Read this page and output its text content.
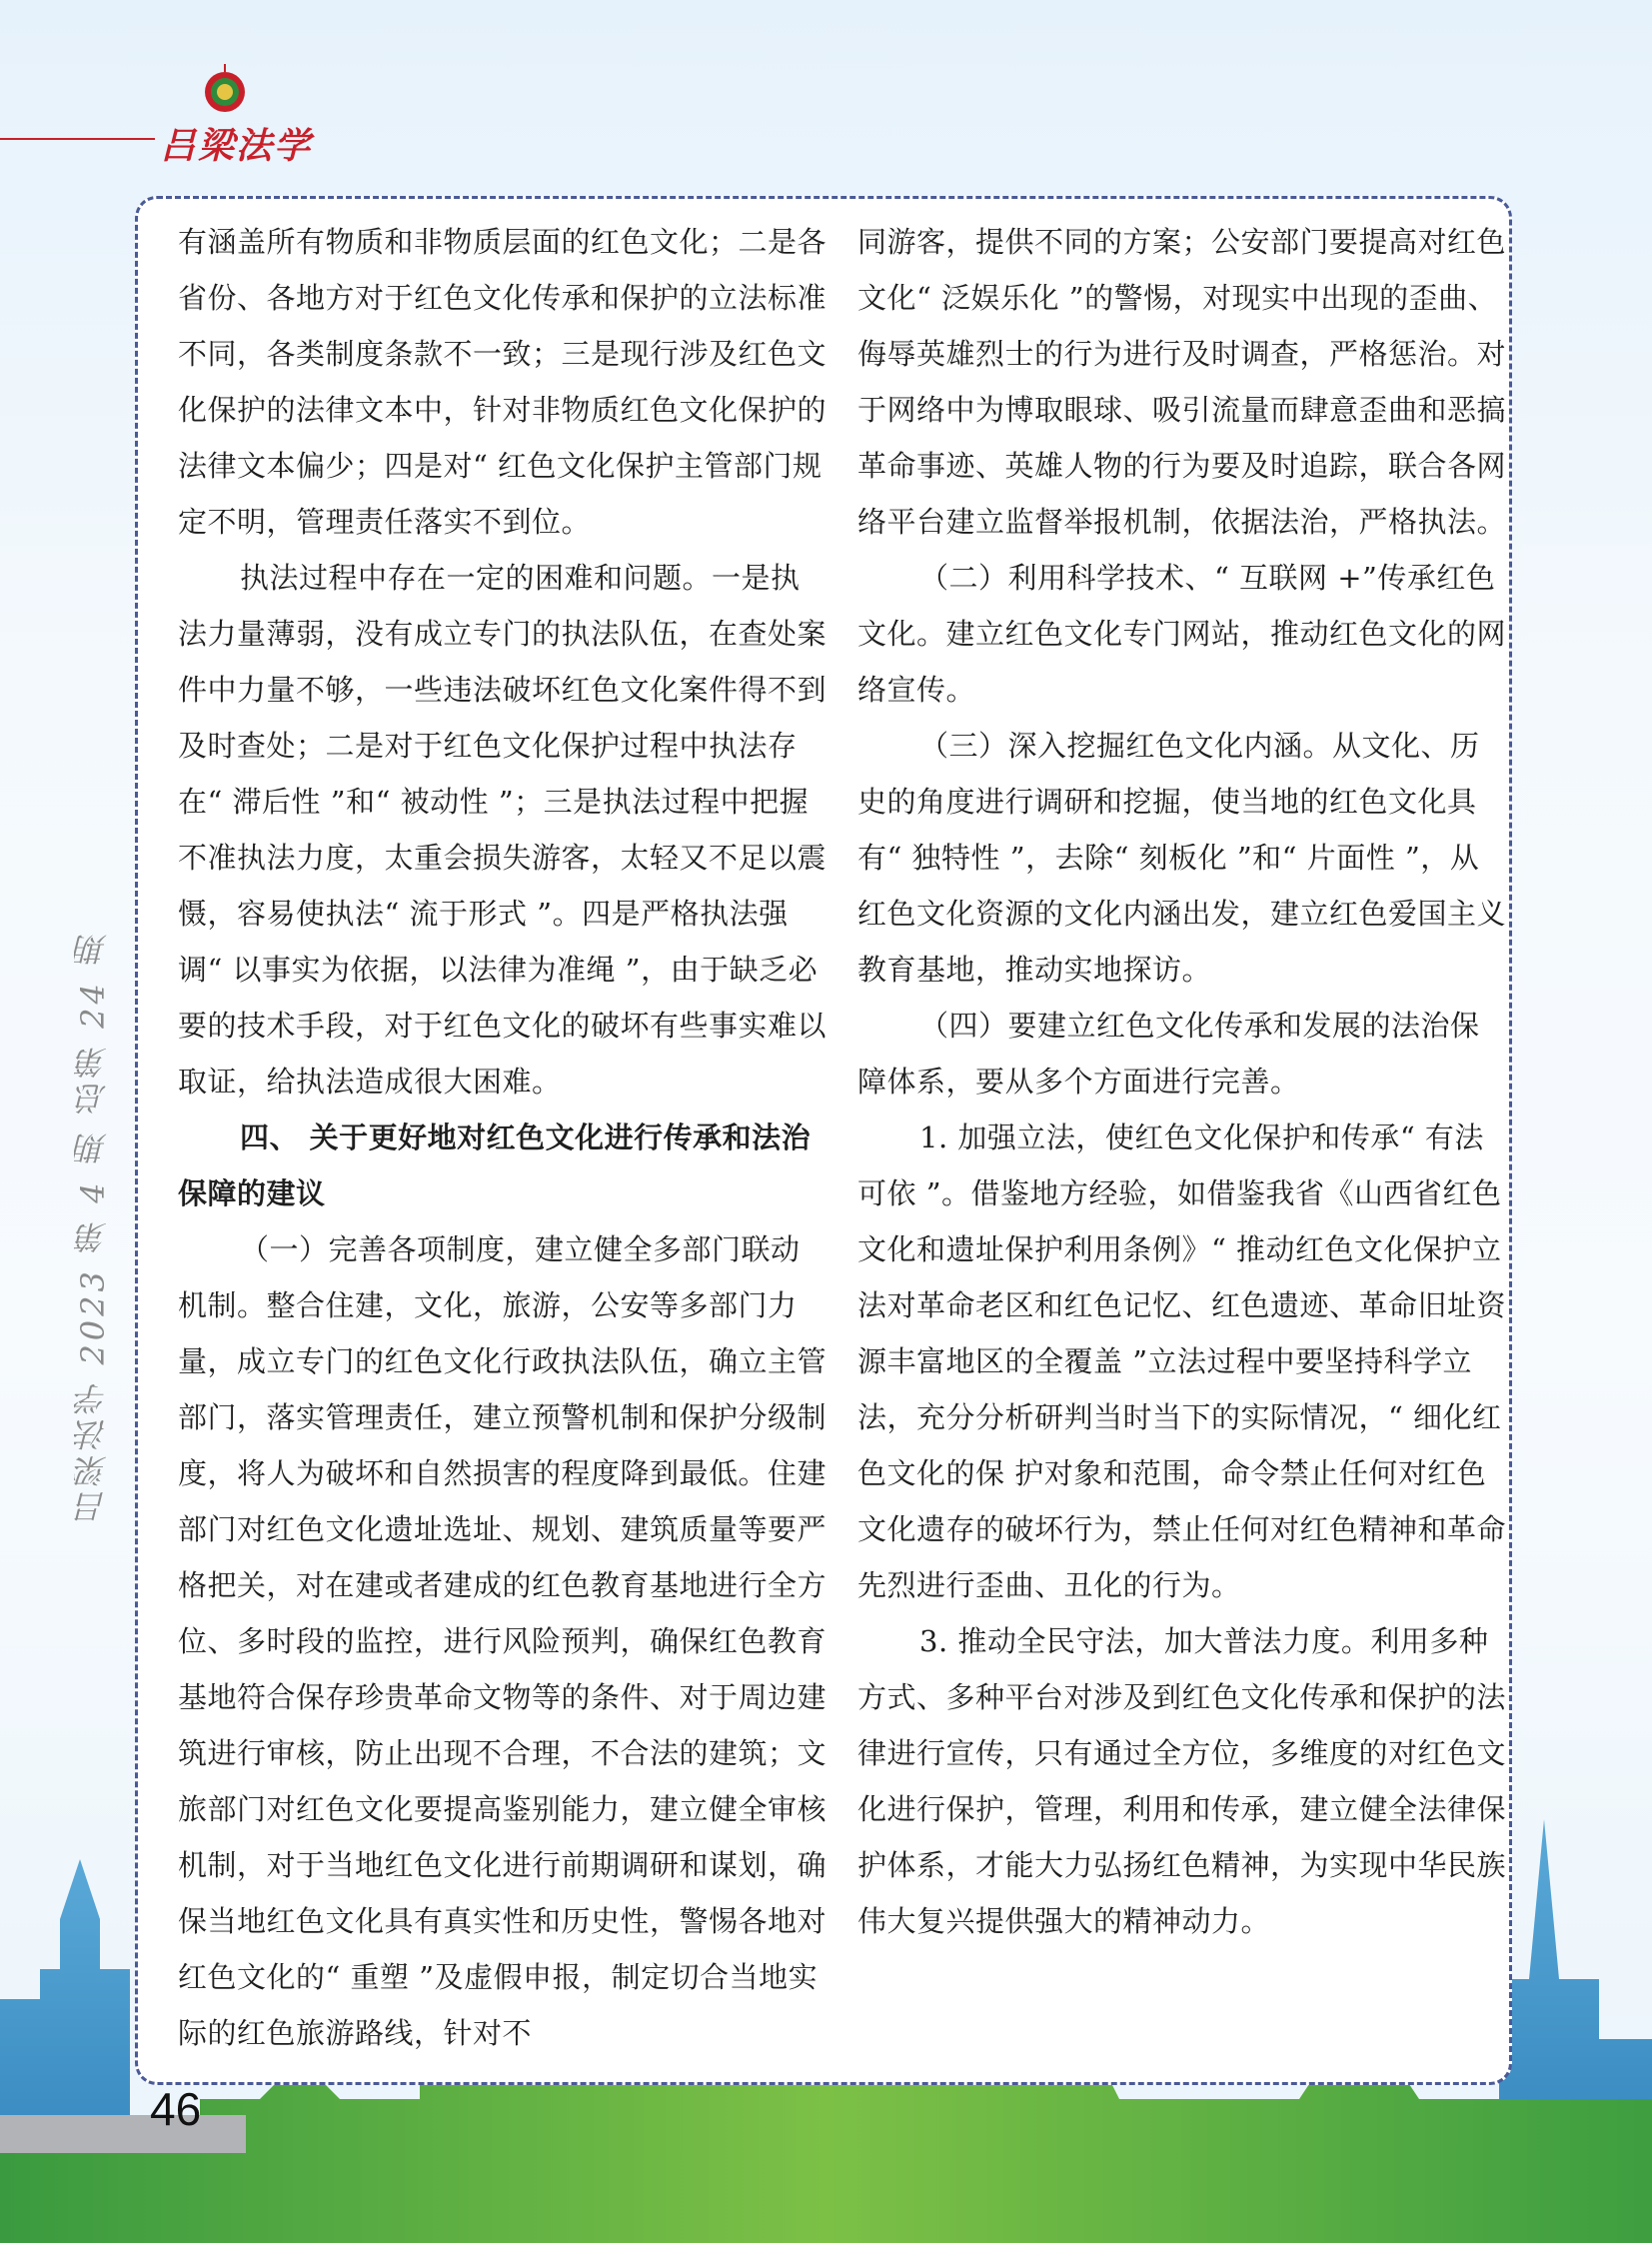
吕梁法学
吕梁法学 2023 第 4 期 总第 24 期

有涵盖所有物质和非物质层面的红色文化；二是各省份、各地方对于红色文化传承和保护的立法标准不同，各类制度条款不一致；三是现行涉及红色文化保护的法律文本中，针对非物质红色文化保护的法律文本偏少；四是对“ 红色文化保护主管部门规定不明，管理责任落实不到位。

执法过程中存在一定的困难和问题。一是执法力量薄弱，没有成立专门的执法队伍，在查处案件中力量不够，一些违法破坏红色文化案件得不到及时查处；二是对于红色文化保护过程中执法存在“ 滞后性 ”和“ 被动性 ”；三是执法过程中把握不准执法力度，太重会损失游客，太轻又不足以震慑，容易使执法“ 流于形式 ”。四是严格执法强调“ 以事实为依据，以法律为准绳 ”，由于缺乏必要的技术手段，对于红色文化的破坏有些事实难以取证，给执法造成很大困难。

四、 关于更好地对红色文化进行传承和法治保障的建议

（一）完善各项制度，建立健全多部门联动机制。整合住建，文化，旅游，公安等多部门力量，成立专门的红色文化行政执法队伍，确立主管部门，落实管理责任，建立预警机制和保护分级制度，将人为破坏和自然损害的程度降到最低。住建部门对红色文化遗址选址、规划、建筑质量等要严格把关，对在建或者建成的红色教育基地进行全方位、多时段的监控，进行风险预判，确保红色教育基地符合保存珍贵革命文物等的条件、对于周边建筑进行审核，防止出现不合理，不合法的建筑；文旅部门对红色文化要提高鉴别能力，建立健全审核机制，对于当地红色文化进行前期调研和谋划，确保当地红色文化具有真实性和历史性，警惕各地对红色文化的“ 重塑 ”及虚假申报，制定切合当地实际的红色旅游路线，针对不

同游客，提供不同的方案；公安部门要提高对红色文化“ 泛娱乐化 ”的警惕，对现实中出现的歪曲、侮辱英雄烈士的行为进行及时调查，严格惩治。对于网络中为博取眼球、吸引流量而肆意歪曲和恶搞革命事迹、英雄人物的行为要及时追踪，联合各网络平台建立监督举报机制，依据法治，严格执法。

（二）利用科学技术、“ 互联网 +”传承红色文化。建立红色文化专门网站，推动红色文化的网络宣传。

（三）深入挖掘红色文化内涵。从文化、历史的角度进行调研和挖掘，使当地的红色文化具有“ 独特性 ”，去除“ 刻板化 ”和“ 片面性 ”，从红色文化资源的文化内涵出发，建立红色爱国主义教育基地，推动实地探访。

（四）要建立红色文化传承和发展的法治保障体系，要从多个方面进行完善。

1. 加强立法，使红色文化保护和传承“ 有法可依 ”。借鉴地方经验，如借鉴我省《山西省红色文化和遗址保护利用条例》“ 推动红色文化保护立法对革命老区和红色记忆、红色遗迹、革命旧址资源丰富地区的全覆盖 ”立法过程中要坚持科学立法，充分分析研判当时当下的实际情况，“ 细化红色文化的保 护对象和范围，命令禁止任何对红色文化遗存的破坏行为，禁止任何对红色精神和革命先烈进行歪曲、丑化的行为。

3. 推动全民守法，加大普法力度。利用多种方式、多种平台对涉及到红色文化传承和保护的法律进行宣传，只有通过全方位，多维度的对红色文化进行保护，管理，利用和传承，建立健全法律保护体系，才能大力弘扬红色精神，为实现中华民族伟大复兴提供强大的精神动力。

46
